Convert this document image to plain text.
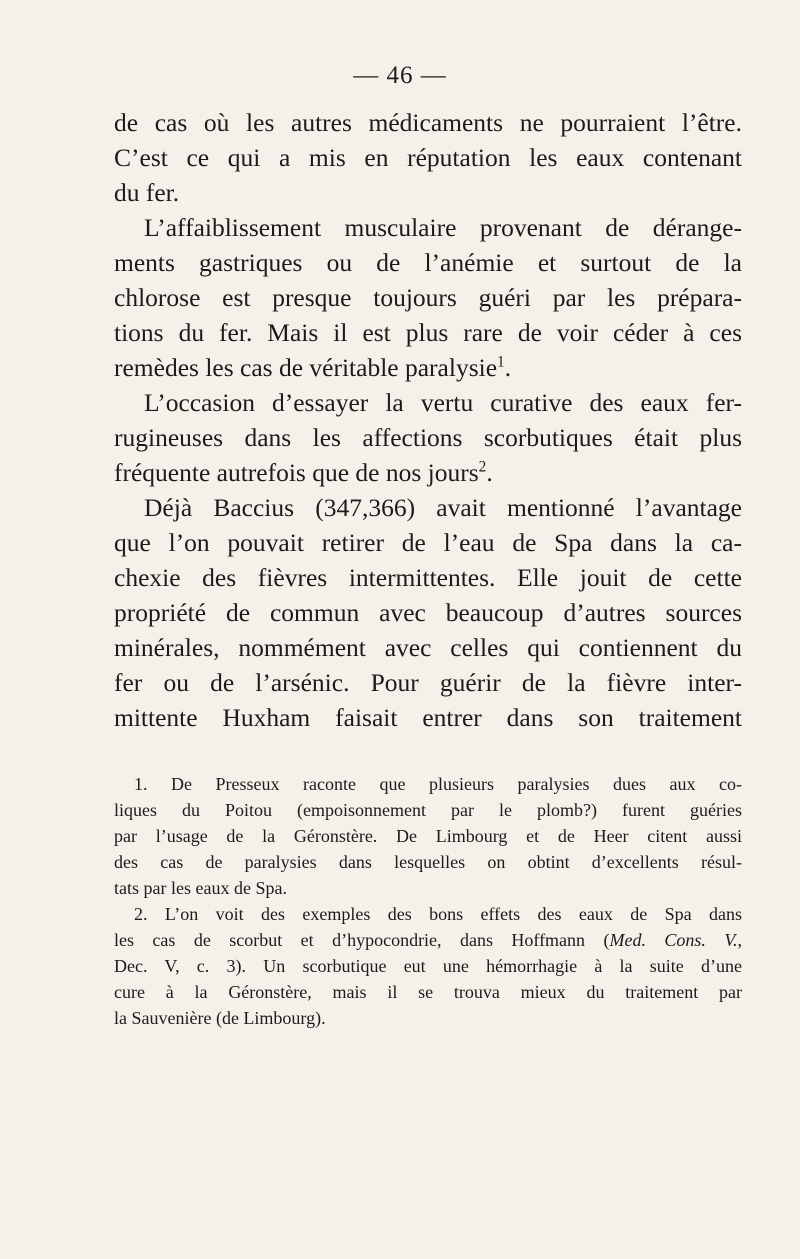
— 46 —
de cas où les autres médicaments ne pourraient l’être.
C’est ce qui a mis en réputation les eaux contenant
du fer.
L’affaiblissement musculaire provenant de dérange-
ments gastriques ou de l’anémie et surtout de la
chlorose est presque toujours guéri par les prépara-
tions du fer. Mais il est plus rare de voir céder à ces
remèdes les cas de véritable paralysie$^1$.
L’occasion d’essayer la vertu curative des eaux fer-
rugineuses dans les affections scorbutiques était plus
fréquente autrefois que de nos jours$^2$.
Déjà Baccius (347,366) avait mentionné l’avantage
que l’on pouvait retirer de l’eau de Spa dans la ca-
chexie des fièvres intermittentes. Elle jouit de cette
propriété de commun avec beaucoup d’autres sources
minérales, nommément avec celles qui contiennent du
fer ou de l’arsénic. Pour guérir de la fièvre inter-
mittente Huxham faisait entrer dans son traitement
1. De Presseux raconte que plusieurs paralysies dues aux co-
liques du Poitou (empoisonnement par le plomb?) furent guéries
par l’usage de la Géronstère. De Limbourg et de Heer citent aussi
des cas de paralysies dans lesquelles on obtint d’excellents résul-
tats par les eaux de Spa.
2. L’on voit des exemples des bons effets des eaux de Spa dans
les cas de scorbut et d’hypocondrie, dans Hoffmann (Med. Cons. V.,
Dec. V, c. 3). Un scorbutique eut une hémorrhagie à la suite d’une
cure à la Géronstère, mais il se trouva mieux du traitement par
la Sauvenière (de Limbourg).
